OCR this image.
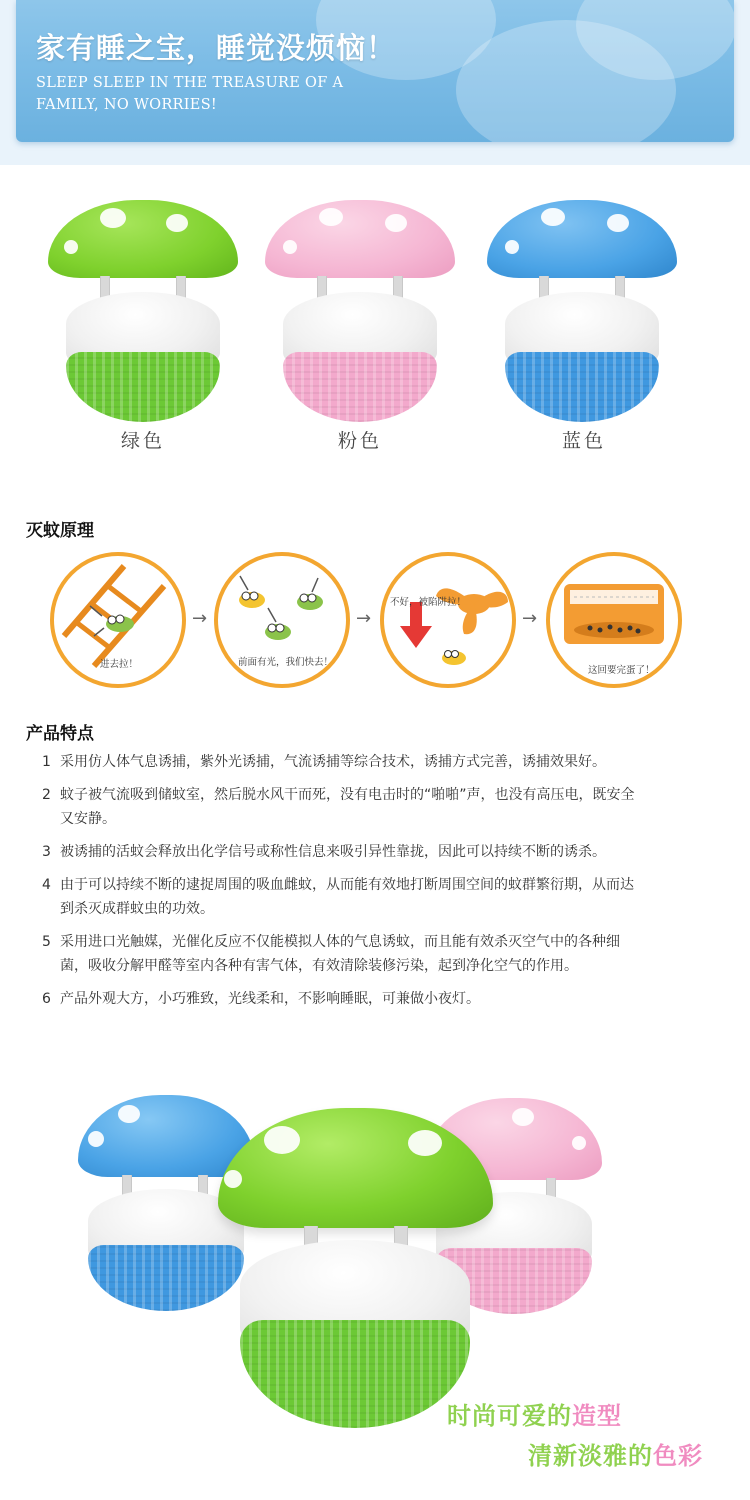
家有睡之宝，睡觉没烦恼！
SLEEP SLEEP IN THE TREASURE OF A
FAMILY, NO WORRIES!
绿色	粉色	蓝色
灭蚊原理
进去拉！
→
前面有光，我们快去！
→
不好，被陷阱拉！
→
这回要完蛋了！
产品特点
1 采用仿人体气息诱捕，紫外光诱捕，气流诱捕等综合技术，诱捕方式完善，诱捕效果好。
2 蚊子被气流吸到储蚊室，然后脱水风干而死，没有电击时的“啪啪”声，也没有高压电，既安全又安静。
3 被诱捕的活蚊会释放出化学信号或称性信息来吸引异性靠拢，因此可以持续不断的诱杀。
4 由于可以持续不断的逮捉周围的吸血雌蚊，从而能有效地打断周围空间的蚊群繁衍期，从而达到杀灭成群蚊虫的功效。
5 采用进口光触媒，光催化反应不仅能模拟人体的气息诱蚊，而且能有效杀灭空气中的各种细菌，吸收分解甲醛等室内各种有害气体，有效清除装修污染，起到净化空气的作用。
6 产品外观大方，小巧雅致，光线柔和，不影响睡眠，可兼做小夜灯。
时尚可爱的造型
清新淡雅的色彩
